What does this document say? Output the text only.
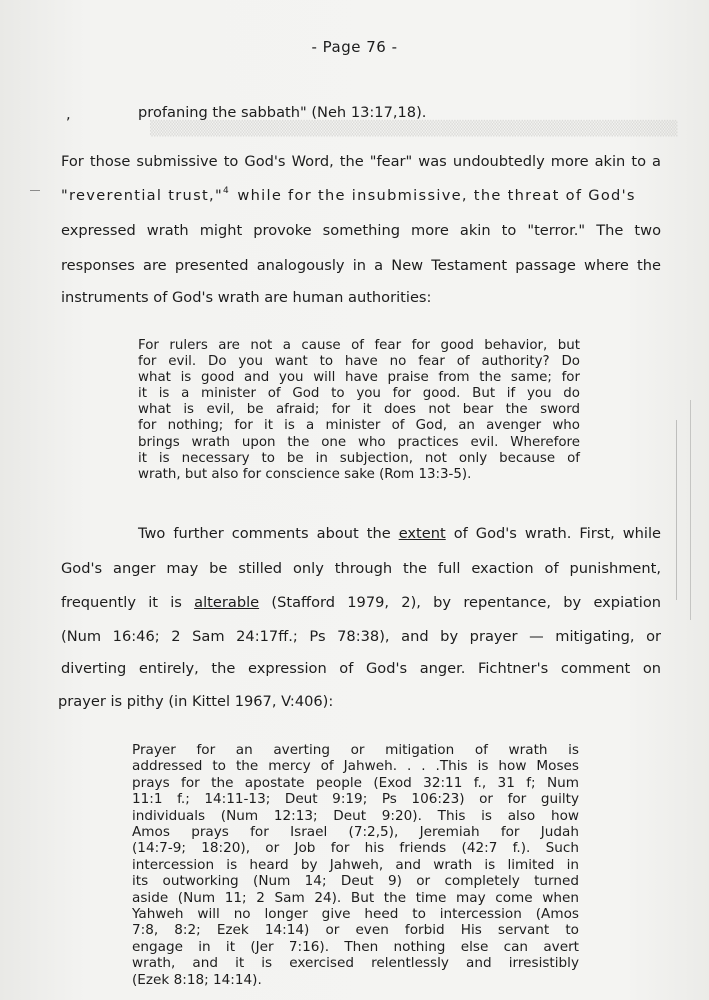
▒▒▒▒▒▒▒▒▒▒▒▒▒▒▒▒▒▒▒▒▒▒▒▒▒▒▒▒▒▒▒▒▒▒▒▒▒▒▒▒▒▒▒▒▒▒▒▒▒
- Page 76 -
,	profaning the sabbath" (Neh 13:17,18).
For those submissive to God's Word, the "fear" was undoubtedly more akin to a
"reverential trust,"$^4$ while for the insubmissive, the threat of God's
expressed wrath might provoke something more akin to "terror." The two
responses are presented analogously in a New Testament passage where the
instruments of God's wrath are human authorities:
For rulers are not a cause of fear for good behavior, but
for evil. Do you want to have no fear of authority? Do
what is good and you will have praise from the same; for
it is a minister of God to you for good. But if you do
what is evil, be afraid; for it does not bear the sword
for nothing; for it is a minister of God, an avenger who
brings wrath upon the one who practices evil. Wherefore
it is necessary to be in subjection, not only because of
wrath, but also for conscience sake (Rom 13:3-5).
Two further comments about the extent of God's wrath. First, while
God's anger may be stilled only through the full exaction of punishment,
frequently it is alterable (Stafford 1979, 2), by repentance, by expiation
(Num 16:46; 2 Sam 24:17ff.; Ps 78:38), and by prayer — mitigating, or
diverting entirely, the expression of God's anger. Fichtner's comment on
prayer is pithy (in Kittel 1967, V:406):
Prayer for an averting or mitigation of wrath is
addressed to the mercy of Jahweh. . . .This is how Moses
prays for the apostate people (Exod 32:11 f., 31 f; Num
11:1 f.; 14:11-13; Deut 9:19; Ps 106:23) or for guilty
individuals (Num 12:13; Deut 9:20). This is also how
Amos prays for Israel (7:2,5), Jeremiah for Judah
(14:7-9; 18:20), or Job for his friends (42:7 f.). Such
intercession is heard by Jahweh, and wrath is limited in
its outworking (Num 14; Deut 9) or completely turned
aside (Num 11; 2 Sam 24). But the time may come when
Yahweh will no longer give heed to intercession (Amos
7:8, 8:2; Ezek 14:14) or even forbid His servant to
engage in it (Jer 7:16). Then nothing else can avert
wrath, and it is exercised relentlessly and irresistibly
(Ezek 8:18; 14:14).
